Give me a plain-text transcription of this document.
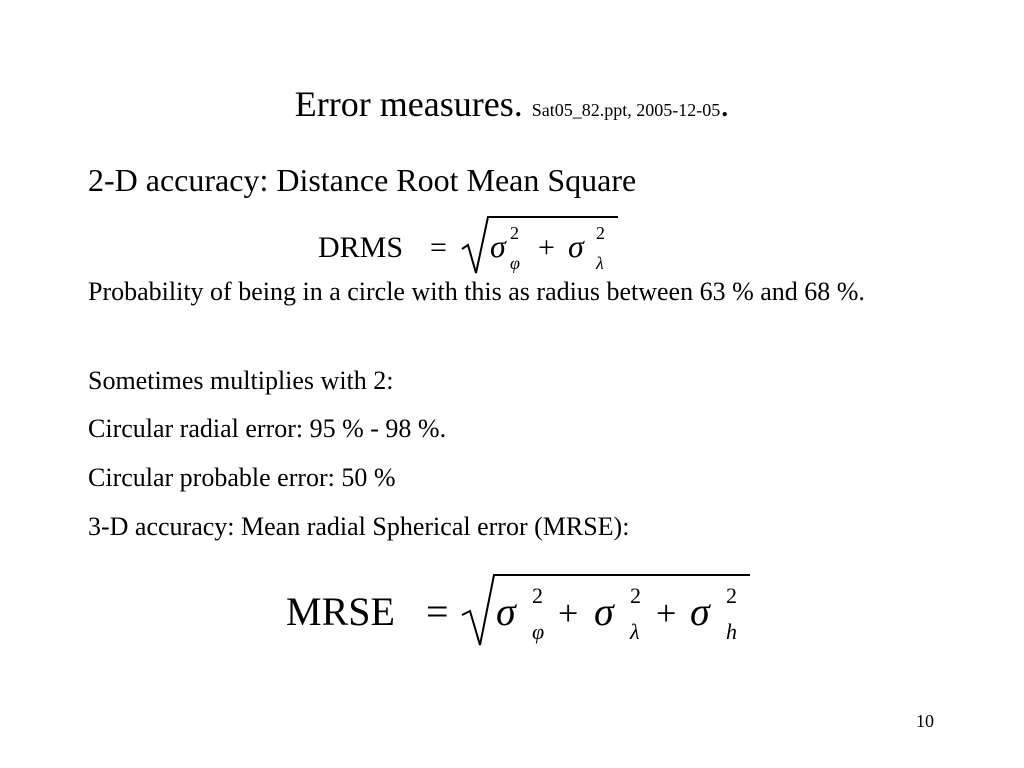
Error measures. Sat05_82.ppt, 2005-12-05.
2-D accuracy: Distance Root Mean Square
DRMS = σ 2
φ + σ 2
λ
Probability of being in a circle with this as radius between 63 % and 68 %.
Sometimes multiplies with 2:
Circular radial error: 95 % - 98 %.
Circular probable error: 50 %
3-D accuracy: Mean radial Spherical error (MRSE):
MRSE = σ 2
φ + σ 2
λ + σ 2
h
10
